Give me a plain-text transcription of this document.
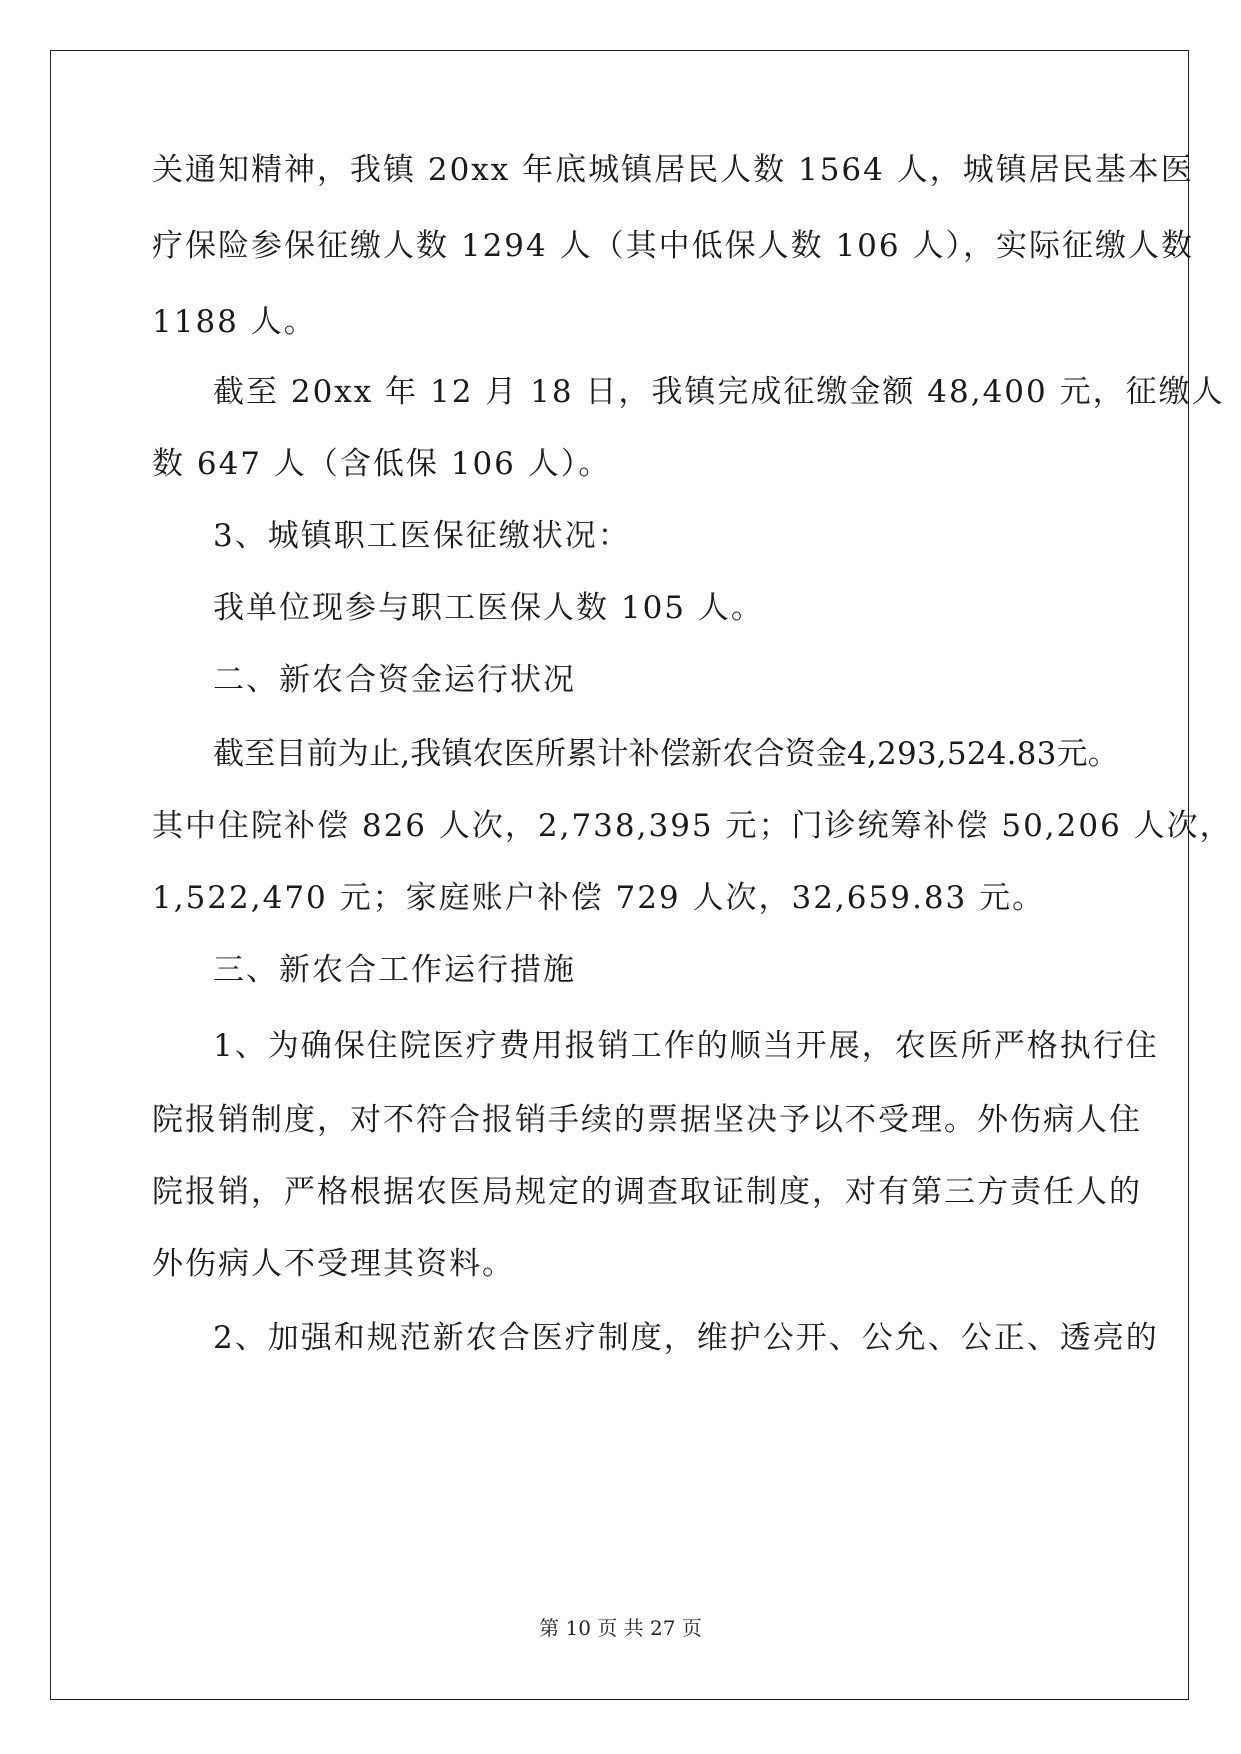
关通知精神，我镇 20xx 年底城镇居民人数 1564 人，城镇居民基本医
疗保险参保征缴人数 1294 人（其中低保人数 106 人），实际征缴人数
1188 人。
截至 20xx 年 12 月 18 日，我镇完成征缴金额 48,400 元，征缴人
数 647 人（含低保 106 人）。
3、城镇职工医保征缴状况：
我单位现参与职工医保人数 105 人。
二、新农合资金运行状况
截至目前为止,我镇农医所累计补偿新农合资金4,293,524.83元。
其中住院补偿 826 人次，2,738,395 元；门诊统筹补偿 50,206 人次，
1,522,470 元；家庭账户补偿 729 人次，32,659.83 元。
三、新农合工作运行措施
1、为确保住院医疗费用报销工作的顺当开展，农医所严格执行住
院报销制度，对不符合报销手续的票据坚决予以不受理。外伤病人住
院报销，严格根据农医局规定的调查取证制度，对有第三方责任人的
外伤病人不受理其资料。
2、加强和规范新农合医疗制度，维护公开、公允、公正、透亮的
第 10 页 共 27 页
